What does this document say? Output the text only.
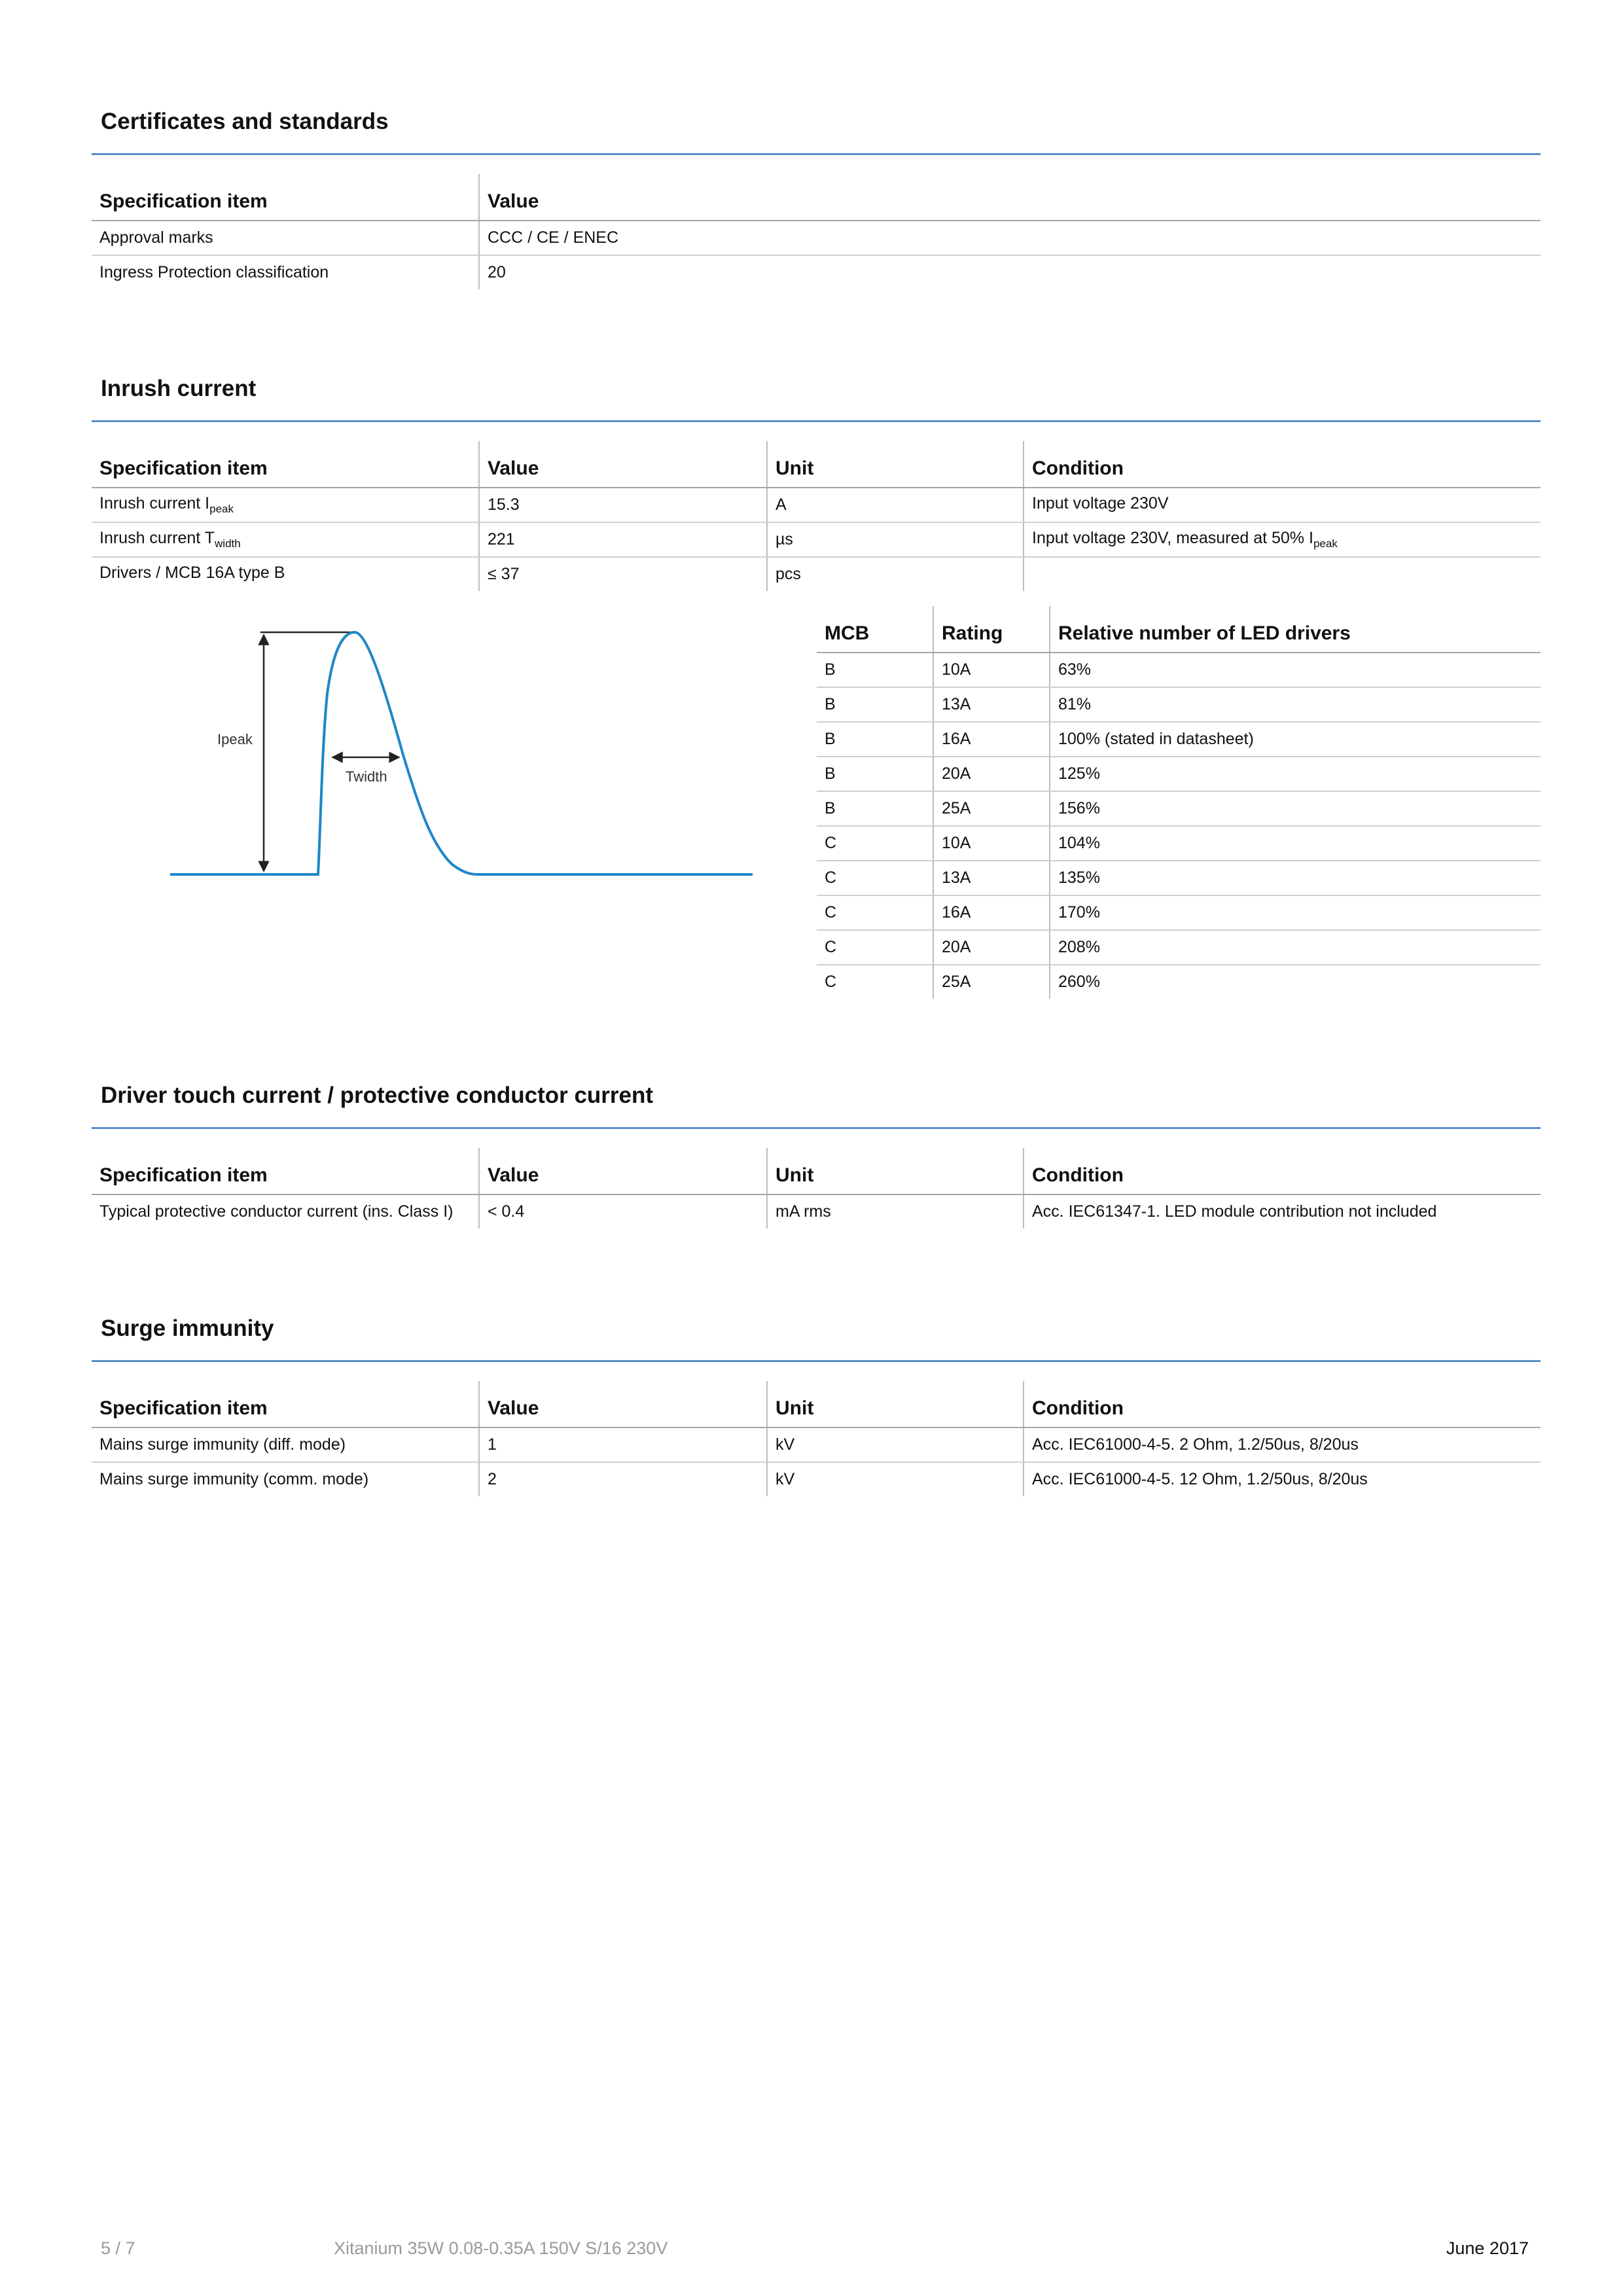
Certificates and standards
Specification item	Value
Approval marks	CCC / CE / ENEC
Ingress Protection classification	20
Inrush current
Specification item	Value	Unit	Condition
Inrush current $I_{peak}$	15.3	A	Input voltage 230V
Inrush current $T_{width}$	221	µs	Input voltage 230V, measured at 50% $I_{peak}$
Drivers / MCB 16A type B	≤ 37	pcs	
MCB	Rating	Relative number of LED drivers
B	10A	63%
B	13A	81%
B	16A	100% (stated in datasheet)
B	20A	125%
B	25A	156%
C	10A	104%
C	13A	135%
C	16A	170%
C	20A	208%
C	25A	260%
Ipeak
Twidth
Driver touch current / protective conductor current
Specification item	Value	Unit	Condition
Typical protective conductor current (ins. Class I)	< 0.4	mA rms	Acc. IEC61347-1. LED module contribution not included
Surge immunity
Specification item	Value	Unit	Condition
Mains surge immunity (diff. mode)	1	kV	Acc. IEC61000-4-5. 2 Ohm, 1.2/50us, 8/20us
Mains surge immunity (comm. mode)	2	kV	Acc. IEC61000-4-5. 12 Ohm, 1.2/50us, 8/20us
5 / 7	Xitanium 35W 0.08-0.35A 150V S/16 230V	June 2017
